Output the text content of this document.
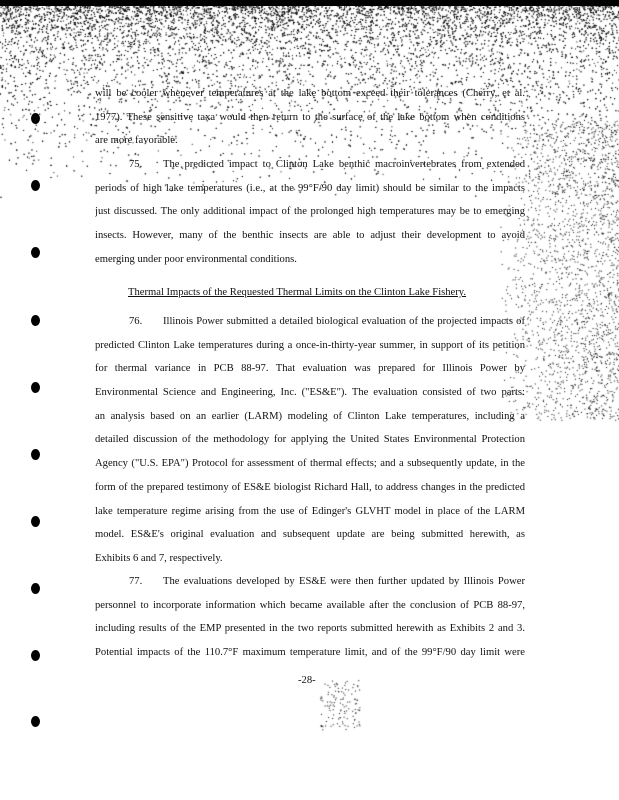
will be cooler whenever temperatures at the lake bottom exceed their tolerances (Cherry, et al.
1977). These sensitive taxa would then return to the surface of the lake bottom when conditions
are more favorable.
75. The predicted impact to Clinton Lake benthic macroinvertebrates from extended
periods of high lake temperatures (i.e., at the 99°F/90 day limit) should be similar to the impacts
just discussed. The only additional impact of the prolonged high temperatures may be to emerging
insects. However, many of the benthic insects are able to adjust their development to avoid
emerging under poor environmental conditions.
Thermal Impacts of the Requested Thermal Limits on the Clinton Lake Fishery.
76. Illinois Power submitted a detailed biological evaluation of the projected impacts of
predicted Clinton Lake temperatures during a once-in-thirty-year summer, in support of its petition
for thermal variance in PCB 88-97. That evaluation was prepared for Illinois Power by
Environmental Science and Engineering, Inc. ("ES&E"). The evaluation consisted of two parts:
an analysis based on an earlier (LARM) modeling of Clinton Lake temperatures, including a
detailed discussion of the methodology for applying the United States Environmental Protection
Agency ("U.S. EPA") Protocol for assessment of thermal effects; and a subsequently update, in the
form of the prepared testimony of ES&E biologist Richard Hall, to address changes in the predicted
lake temperature regime arising from the use of Edinger's GLVHT model in place of the LARM
model. ES&E's original evaluation and subsequent update are being submitted herewith, as
Exhibits 6 and 7, respectively.
77. The evaluations developed by ES&E were then further updated by Illinois Power
personnel to incorporate information which became available after the conclusion of PCB 88-97,
including results of the EMP presented in the two reports submitted herewith as Exhibits 2 and 3.
Potential impacts of the 110.7°F maximum temperature limit, and of the 99°F/90 day limit were
-28-
